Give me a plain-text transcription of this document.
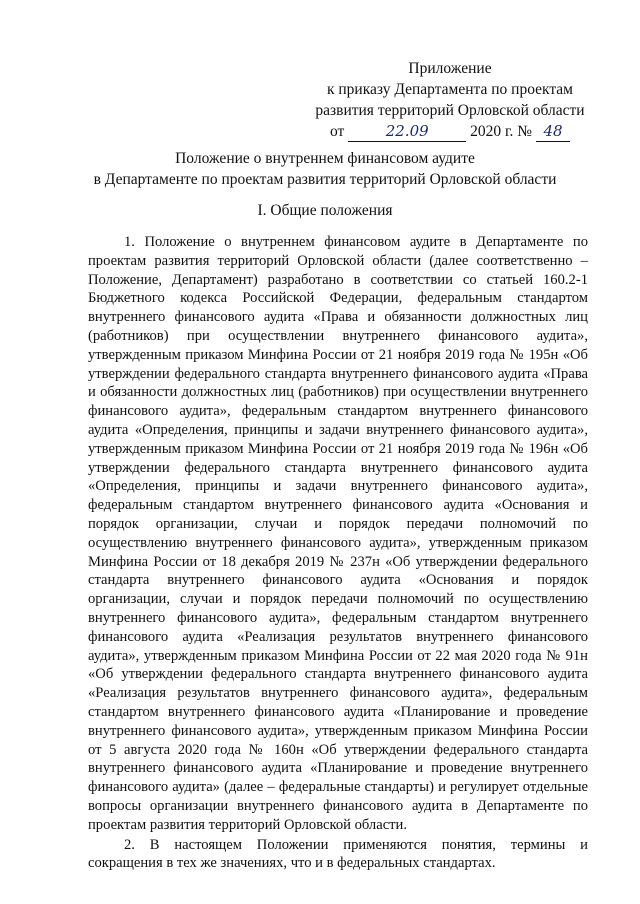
Приложение
к приказу Департамента по проектам
развития территорий Орловской области
от	22.09	2020 г. № 48
Положение о внутреннем финансовом аудите
в Департаменте по проектам развития территорий Орловской области
I. Общие положения

1. Положение о внутреннем финансовом аудите в Департаменте по проектам развития территорий Орловской области (далее соответственно – Положение, Департамент) разработано в соответствии со статьей 160.2-1 Бюджетного кодекса Российской Федерации, федеральным стандартом внутреннего финансового аудита «Права и обязанности должностных лиц (работников) при осуществлении внутреннего финансового аудита», утвержденным приказом Минфина России от 21 ноября 2019 года № 195н «Об утверждении федерального стандарта внутреннего финансового аудита «Права и обязанности должностных лиц (работников) при осуществлении внутреннего финансового аудита», федеральным стандартом внутреннего финансового аудита «Определения, принципы и задачи внутреннего финансового аудита», утвержденным приказом Минфина России от 21 ноября 2019 года № 196н «Об утверждении федерального стандарта внутреннего финансового аудита «Определения, принципы и задачи внутреннего финансового аудита», федеральным стандартом внутреннего финансового аудита «Основания и порядок организации, случаи и порядок передачи полномочий по осуществлению внутреннего финансового аудита», утвержденным приказом Минфина России от 18 декабря 2019 № 237н «Об утверждении федерального стандарта внутреннего финансового аудита «Основания и порядок организации, случаи и порядок передачи полномочий по осуществлению внутреннего финансового аудита», федеральным стандартом внутреннего финансового аудита «Реализация результатов внутреннего финансового аудита», утвержденным приказом Минфина России от 22 мая 2020 года № 91н «Об утверждении федерального стандарта внутреннего финансового аудита «Реализация результатов внутреннего финансового аудита», федеральным стандартом внутреннего финансового аудита «Планирование и проведение внутреннего финансового аудита», утвержденным приказом Минфина России от 5 августа 2020 года № 160н «Об утверждении федерального стандарта внутреннего финансового аудита «Планирование и проведение внутреннего финансового аудита» (далее – федеральные стандарты) и регулирует отдельные вопросы организации внутреннего финансового аудита в Департаменте по проектам развития территорий Орловской области.

2. В настоящем Положении применяются понятия, термины и сокращения в тех же значениях, что и в федеральных стандартах.
